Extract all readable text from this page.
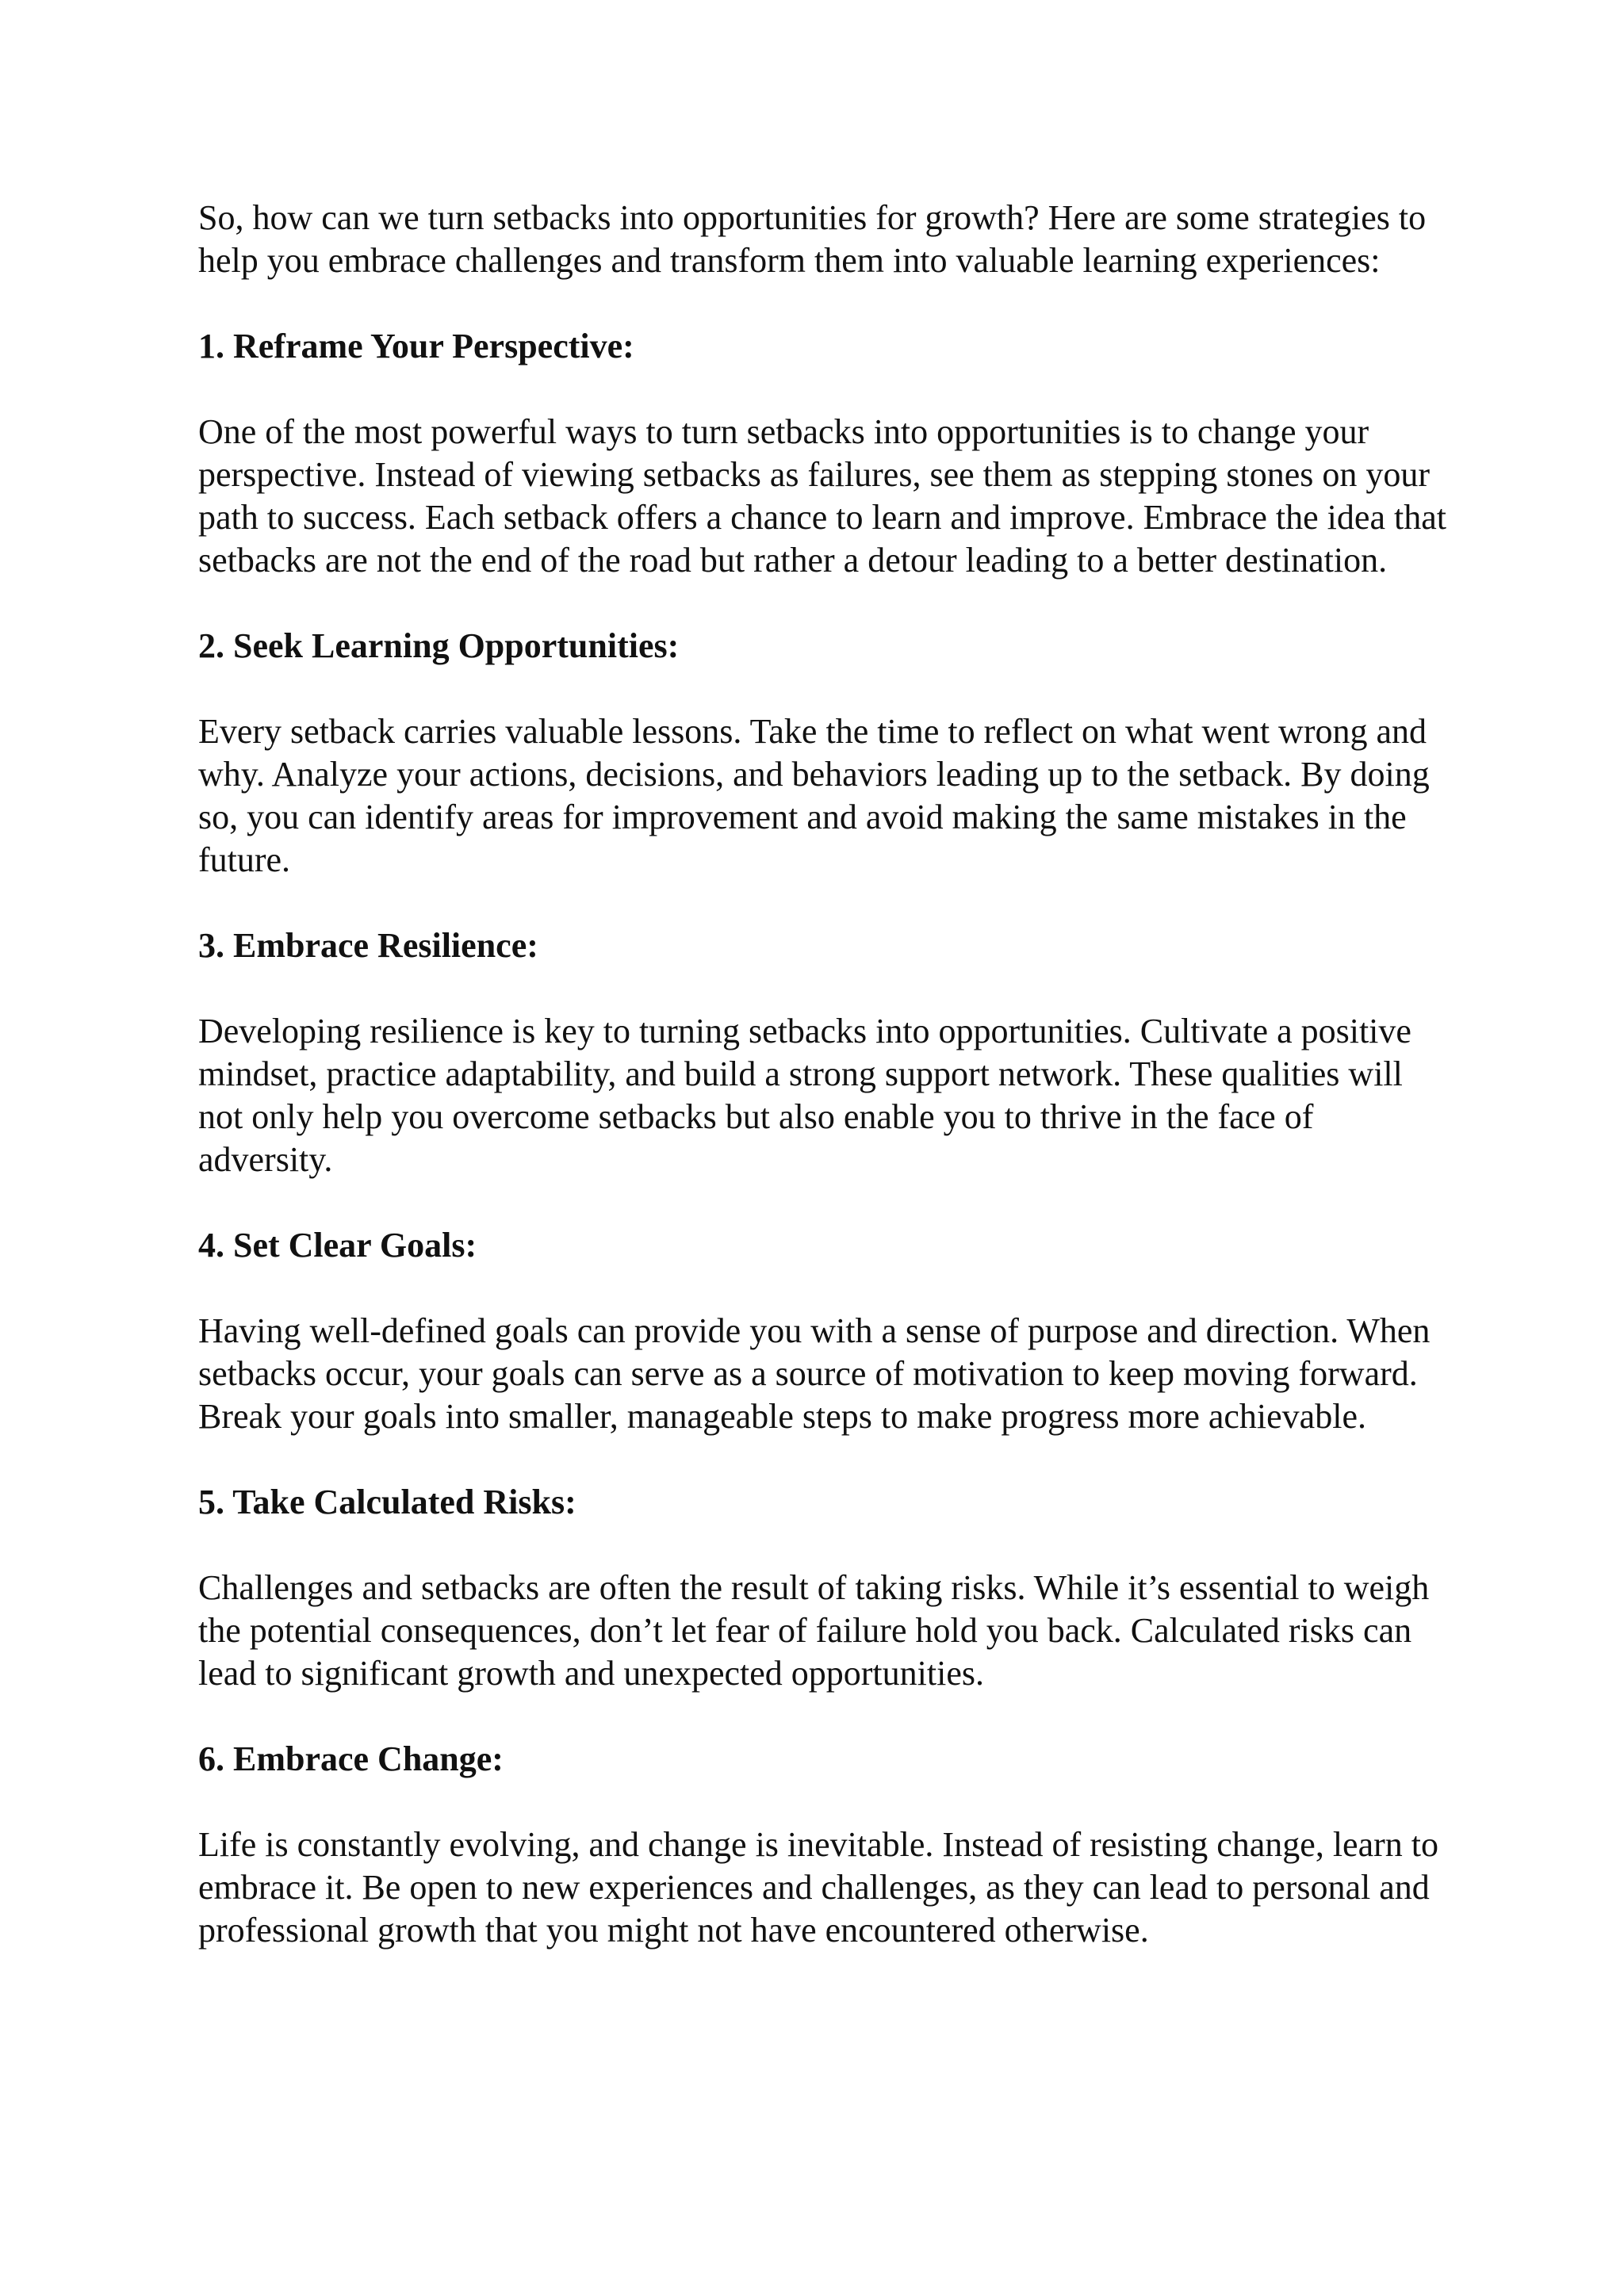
So, how can we turn setbacks into opportunities for growth? Here are some strategies to help you embrace challenges and transform them into valuable learning experiences:

1. Reframe Your Perspective:

One of the most powerful ways to turn setbacks into opportunities is to change your perspective. Instead of viewing setbacks as failures, see them as stepping stones on your path to success. Each setback offers a chance to learn and improve. Embrace the idea that setbacks are not the end of the road but rather a detour leading to a better destination.

2. Seek Learning Opportunities:

Every setback carries valuable lessons. Take the time to reflect on what went wrong and why. Analyze your actions, decisions, and behaviors leading up to the setback. By doing so, you can identify areas for improvement and avoid making the same mistakes in the future.

3. Embrace Resilience:

Developing resilience is key to turning setbacks into opportunities. Cultivate a positive mindset, practice adaptability, and build a strong support network. These qualities will not only help you overcome setbacks but also enable you to thrive in the face of adversity.

4. Set Clear Goals:

Having well-defined goals can provide you with a sense of purpose and direction. When setbacks occur, your goals can serve as a source of motivation to keep moving forward. Break your goals into smaller, manageable steps to make progress more achievable.

5. Take Calculated Risks:

Challenges and setbacks are often the result of taking risks. While it’s essential to weigh the potential consequences, don’t let fear of failure hold you back. Calculated risks can lead to significant growth and unexpected opportunities.

6. Embrace Change:

Life is constantly evolving, and change is inevitable. Instead of resisting change, learn to embrace it. Be open to new experiences and challenges, as they can lead to personal and professional growth that you might not have encountered otherwise.
